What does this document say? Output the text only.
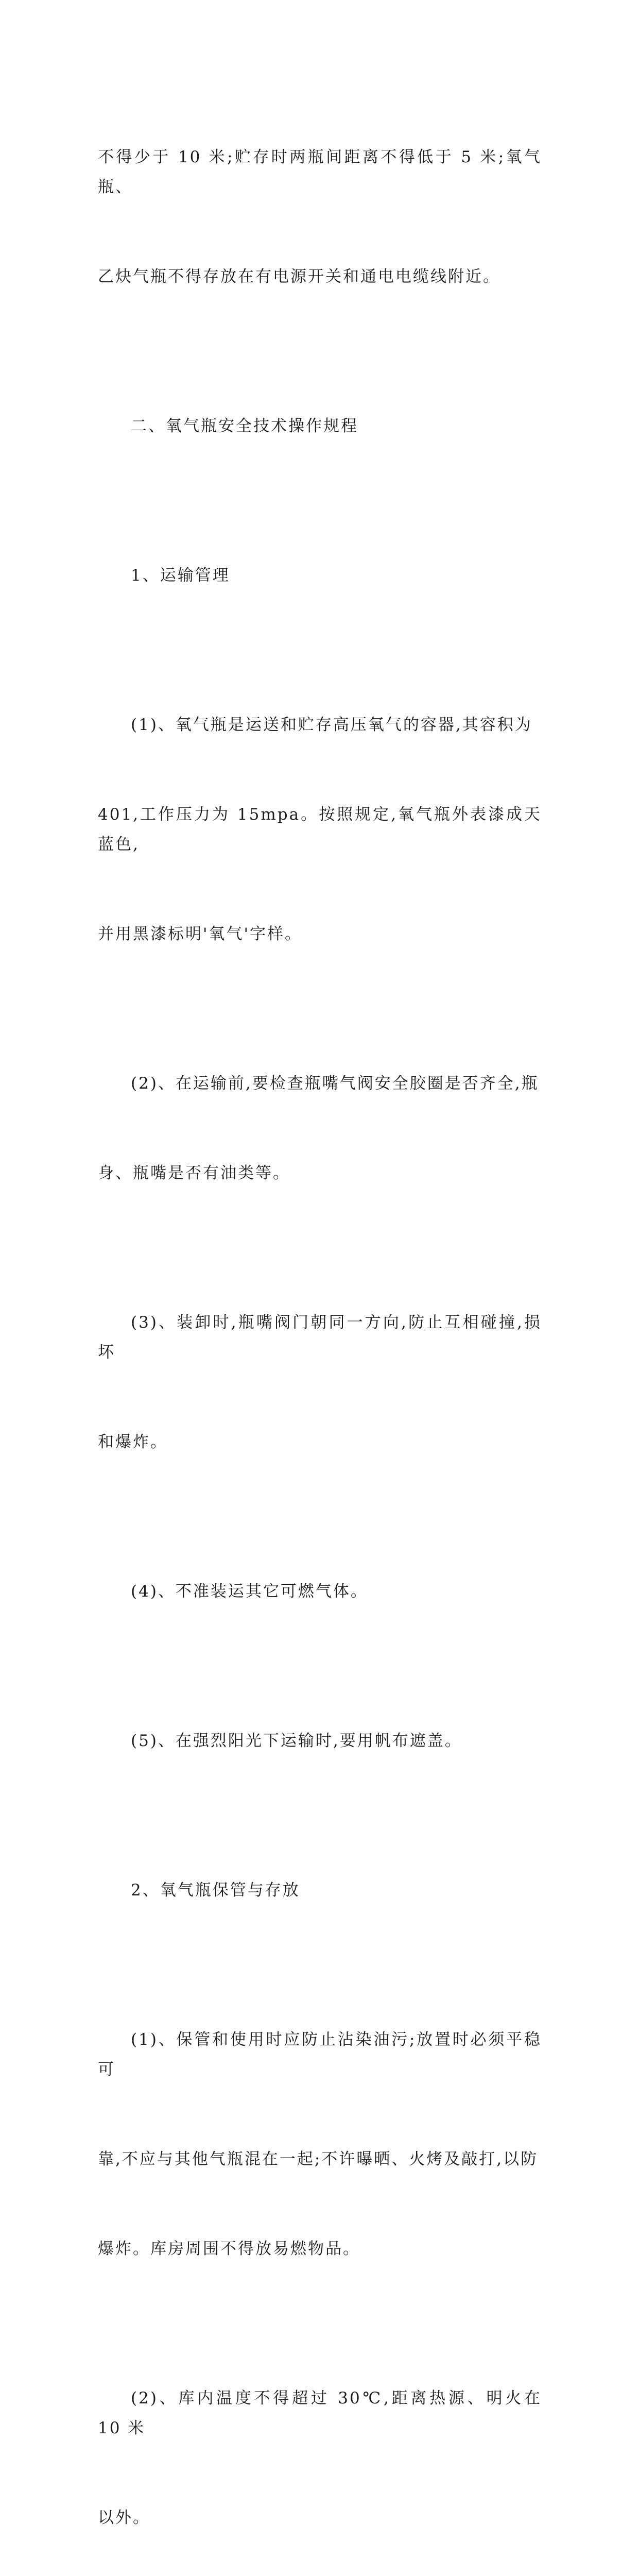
不得少于 10 米;贮存时两瓶间距离不得低于 5 米;氧气瓶、

乙炔气瓶不得存放在有电源开关和通电电缆线附近。

二、氧气瓶安全技术操作规程

1、运输管理

(1)、氧气瓶是运送和贮存高压氧气的容器,其容积为

401,工作压力为 15mpa。按照规定,氧气瓶外表漆成天蓝色,

并用黑漆标明'氧气'字样。

(2)、在运输前,要检查瓶嘴气阀安全胶圈是否齐全,瓶

身、瓶嘴是否有油类等。

(3)、装卸时,瓶嘴阀门朝同一方向,防止互相碰撞,损坏

和爆炸。

(4)、不准装运其它可燃气体。

(5)、在强烈阳光下运输时,要用帆布遮盖。

2、氧气瓶保管与存放

(1)、保管和使用时应防止沾染油污;放置时必须平稳可

靠,不应与其他气瓶混在一起;不许曝晒、火烤及敲打,以防

爆炸。库房周围不得放易燃物品。

(2)、库内温度不得超过 30℃,距离热源、明火在 10 米

以外。
